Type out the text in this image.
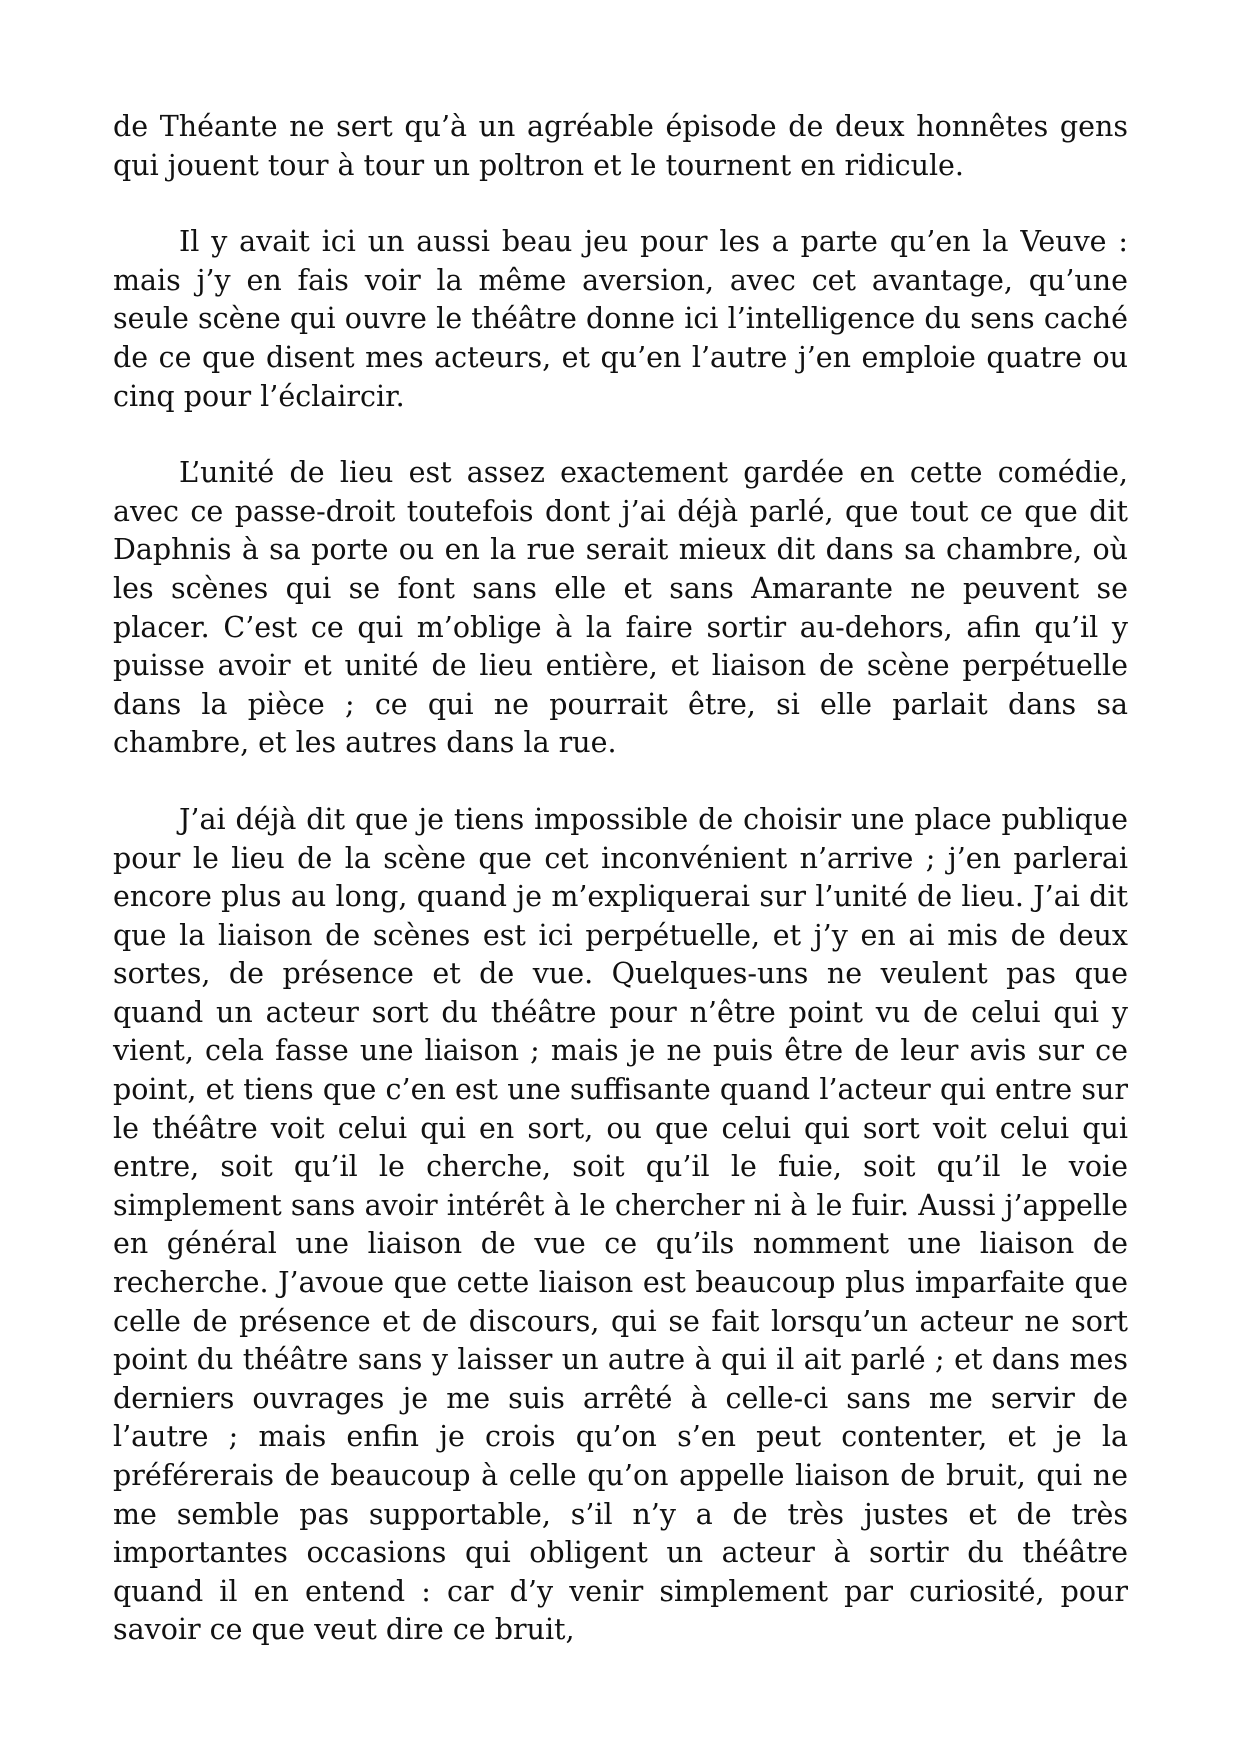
de Théante ne sert qu’à un agréable épisode de deux honnêtes gens qui jouent tour à tour un poltron et le tournent en ridicule.

Il y avait ici un aussi beau jeu pour les a parte qu’en la Veuve : mais j’y en fais voir la même aversion, avec cet avantage, qu’une seule scène qui ouvre le théâtre donne ici l’intelligence du sens caché de ce que disent mes acteurs, et qu’en l’autre j’en emploie quatre ou cinq pour l’éclaircir.

L’unité de lieu est assez exactement gardée en cette comédie, avec ce passe-droit toutefois dont j’ai déjà parlé, que tout ce que dit Daphnis à sa porte ou en la rue serait mieux dit dans sa chambre, où les scènes qui se font sans elle et sans Amarante ne peuvent se placer. C’est ce qui m’oblige à la faire sortir au-dehors, afin qu’il y puisse avoir et unité de lieu entière, et liaison de scène perpétuelle dans la pièce ; ce qui ne pourrait être, si elle parlait dans sa chambre, et les autres dans la rue.

J’ai déjà dit que je tiens impossible de choisir une place publique pour le lieu de la scène que cet inconvénient n’arrive ; j’en parlerai encore plus au long, quand je m’expliquerai sur l’unité de lieu. J’ai dit que la liaison de scènes est ici perpétuelle, et j’y en ai mis de deux sortes, de présence et de vue. Quelques-uns ne veulent pas que quand un acteur sort du théâtre pour n’être point vu de celui qui y vient, cela fasse une liaison ; mais je ne puis être de leur avis sur ce point, et tiens que c’en est une suffisante quand l’acteur qui entre sur le théâtre voit celui qui en sort, ou que celui qui sort voit celui qui entre, soit qu’il le cherche, soit qu’il le fuie, soit qu’il le voie simplement sans avoir intérêt à le chercher ni à le fuir. Aussi j’appelle en général une liaison de vue ce qu’ils nomment une liaison de recherche. J’avoue que cette liaison est beaucoup plus imparfaite que celle de présence et de discours, qui se fait lorsqu’un acteur ne sort point du théâtre sans y laisser un autre à qui il ait parlé ; et dans mes derniers ouvrages je me suis arrêté à celle-ci sans me servir de l’autre ; mais enfin je crois qu’on s’en peut contenter, et je la préférerais de beaucoup à celle qu’on appelle liaison de bruit, qui ne me semble pas supportable, s’il n’y a de très justes et de très importantes occasions qui obligent un acteur à sortir du théâtre quand il en entend : car d’y venir simplement par curiosité, pour savoir ce que veut dire ce bruit,
